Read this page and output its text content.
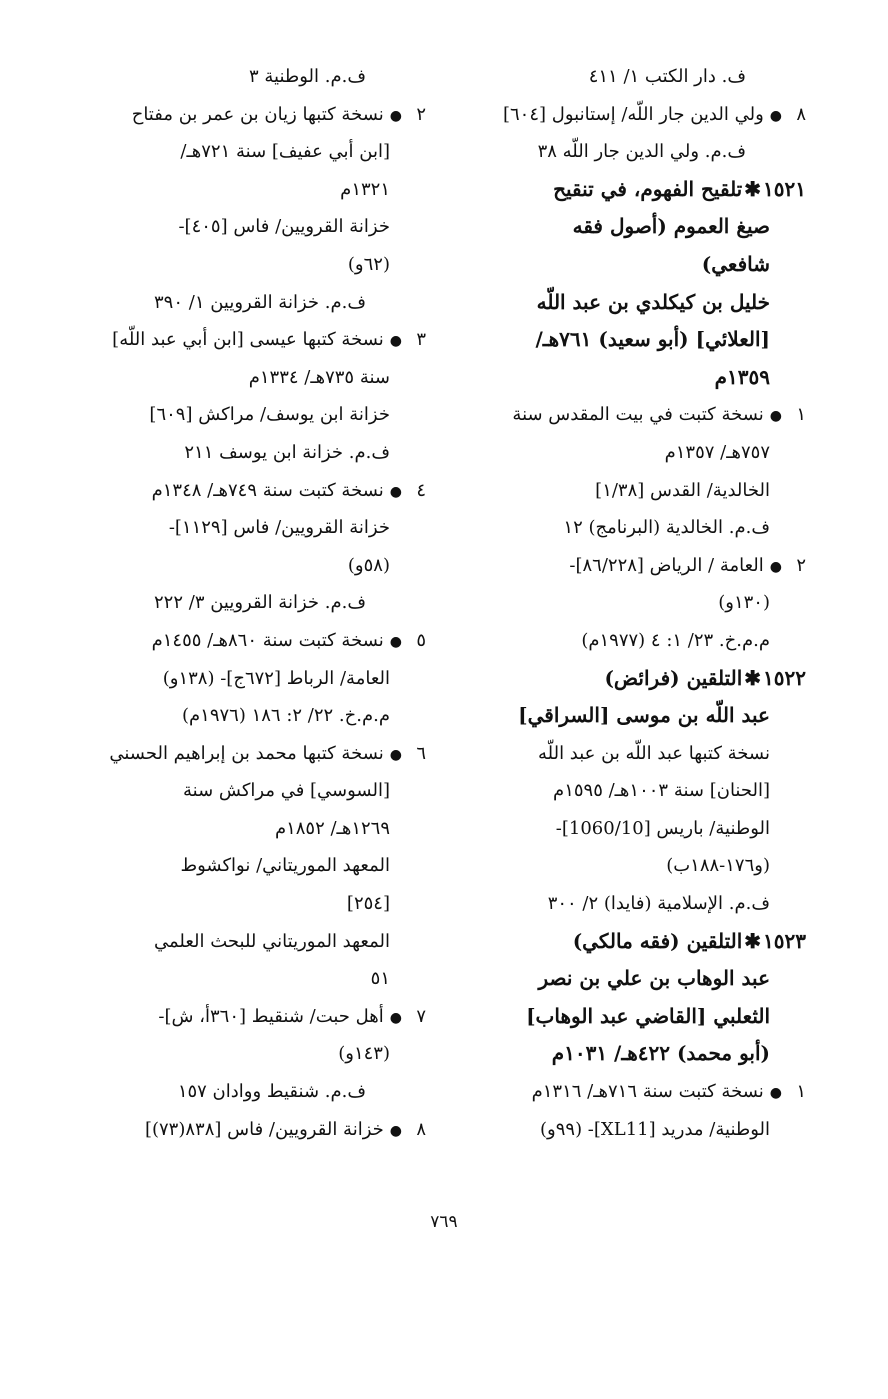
ف. دار الكتب ١/ ٤١١
٨●ولي الدين جار اللّه/ إستانبول [٦٠٤]
ف.م. ولي الدين جار اللّه ٣٨
١٥٢١✱تلقيح الفهوم، في تنقيح
صيغ العموم (أصول فقه
شافعي)
خليل بن كيكلدي بن عبد اللّه
[العلائي] (أبو سعيد) ٧٦١هـ/
١٣٥٩م
١●نسخة كتبت في بيت المقدس سنة
٧٥٧هـ/ ١٣٥٧م
الخالدية/ القدس [١/٣٨]
ف.م. الخالدية (البرنامج) ١٢
٢●العامة / الرياض [٨٦/٢٢٨]-
(١٣٠و)
م.م.خ. ٢٣/ ١: ٤ (١٩٧٧م)
١٥٢٢✱التلقين (فرائض)
عبد اللّه بن موسى [السراقي]
نسخة كتبها عبد اللّه بن عبد اللّه
[الحنان] سنة ١٠٠٣هـ/ ١٥٩٥م
الوطنية/ باريس [1060/10]-
(و١٧٦-١٨٨ب)
ف.م. الإسلامية (فايدا) ٢/ ٣٠٠
١٥٢٣✱التلقين (فقه مالكي)
عبد الوهاب بن علي بن نصر
الثعلبي [القاضي عبد الوهاب]
(أبو محمد) ٤٢٢هـ/ ١٠٣١م
١●نسخة كتبت سنة ٧١٦هـ/ ١٣١٦م
الوطنية/ مدريد [XL11]- (٩٩و)
ف.م. الوطنية ٣
٢●نسخة كتبها زيان بن عمر بن مفتاح
[ابن أبي عفيف] سنة ٧٢١هـ/
١٣٢١م
خزانة القرويين/ فاس [٤٠٥]-
(٦٢و)
ف.م. خزانة القرويين ١/ ٣٩٠
٣●نسخة كتبها عيسى [ابن أبي عبد اللّه]
سنة ٧٣٥هـ/ ١٣٣٤م
خزانة ابن يوسف/ مراكش [٦٠٩]
ف.م. خزانة ابن يوسف ٢١١
٤●نسخة كتبت سنة ٧٤٩هـ/ ١٣٤٨م
خزانة القرويين/ فاس [١١٢٩]-
(٥٨و)
ف.م. خزانة القرويين ٣/ ٢٢٢
٥●نسخة كتبت سنة ٨٦٠هـ/ ١٤٥٥م
العامة/ الرباط [٦٧٢ج]- (١٣٨و)
م.م.خ. ٢٢/ ٢: ١٨٦ (١٩٧٦م)
٦●نسخة كتبها محمد بن إبراهيم الحسني
[السوسي] في مراكش سنة
١٢٦٩هـ/ ١٨٥٢م
المعهد الموريتاني/ نواكشوط
[٢٥٤]
المعهد الموريتاني للبحث العلمي
٥١
٧●أهل حبت/ شنقيط [٣٦٠أ، ش]-
(١٤٣و)
ف.م. شنقيط ووادان ١٥٧
٨●خزانة القرويين/ فاس [٨٣٨(٧٣)]
٧٦٩
